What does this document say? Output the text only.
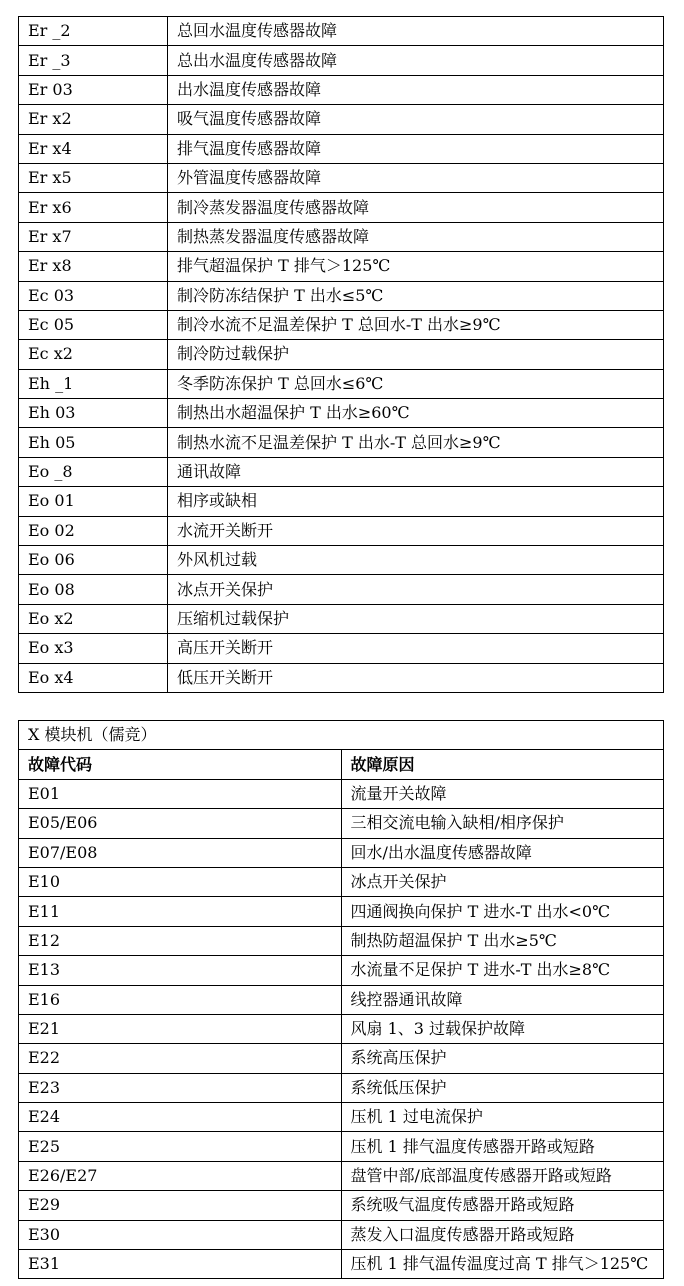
Er _2	总回水温度传感器故障
Er _3	总出水温度传感器故障
Er 03	出水温度传感器故障
Er x2	吸气温度传感器故障
Er x4	排气温度传感器故障
Er x5	外管温度传感器故障
Er x6	制冷蒸发器温度传感器故障
Er x7	制热蒸发器温度传感器故障
Er x8	排气超温保护 T 排气＞125℃
Ec 03	制冷防冻结保护 T 出水≤5℃
Ec 05	制冷水流不足温差保护 T 总回水-T 出水≥9℃
Ec x2	制冷防过载保护
Eh _1	冬季防冻保护 T 总回水≤6℃
Eh 03	制热出水超温保护 T 出水≥60℃
Eh 05	制热水流不足温差保护 T 出水-T 总回水≥9℃
Eo _8	通讯故障
Eo 01	相序或缺相
Eo 02	水流开关断开
Eo 06	外风机过载
Eo 08	冰点开关保护
Eo x2	压缩机过载保护
Eo x3	高压开关断开
Eo x4	低压开关断开
X 模块机（儒竞）	
故障代码	故障原因
E01	流量开关故障
E05/E06	三相交流电输入缺相/相序保护
E07/E08	回水/出水温度传感器故障
E10	冰点开关保护
E11	四通阀换向保护 T 进水-T 出水<0℃
E12	制热防超温保护 T 出水≥5℃
E13	水流量不足保护 T 进水-T 出水≥8℃
E16	线控器通讯故障
E21	风扇 1、3 过载保护故障
E22	系统高压保护
E23	系统低压保护
E24	压机 1 过电流保护
E25	压机 1 排气温度传感器开路或短路
E26/E27	盘管中部/底部温度传感器开路或短路
E29	系统吸气温度传感器开路或短路
E30	蒸发入口温度传感器开路或短路
E31	压机 1 排气温传温度过高 T 排气＞125℃
